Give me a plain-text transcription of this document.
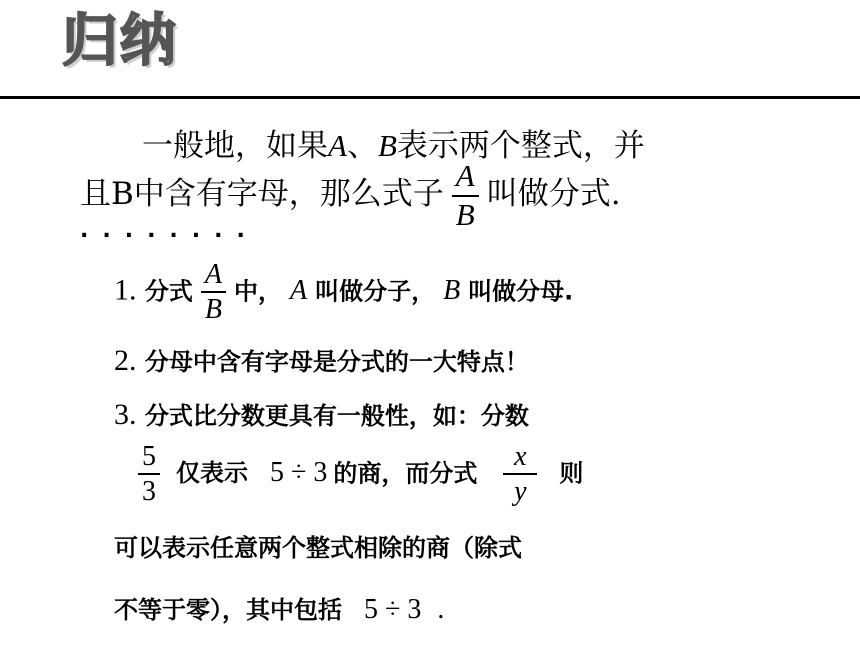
归纳
一般地，如果A、B表示两个整式，并
且B中含有字母，那么式子 $\frac{A}{B}$ 叫做分式.
........
1. 分式 $\frac{A}{B}$ 中， A 叫做分子， B 叫做分母.
2. 分母中含有字母是分式的一大特点！
3. 分式比分数更具有一般性，如：分数
$\frac{5}{3}$ 仅表示 5 ÷ 3 的商，而分式 $\frac{x}{y}$ 则
可以表示任意两个整式相除的商（除式
不等于零），其中包括 5 ÷ 3 .
